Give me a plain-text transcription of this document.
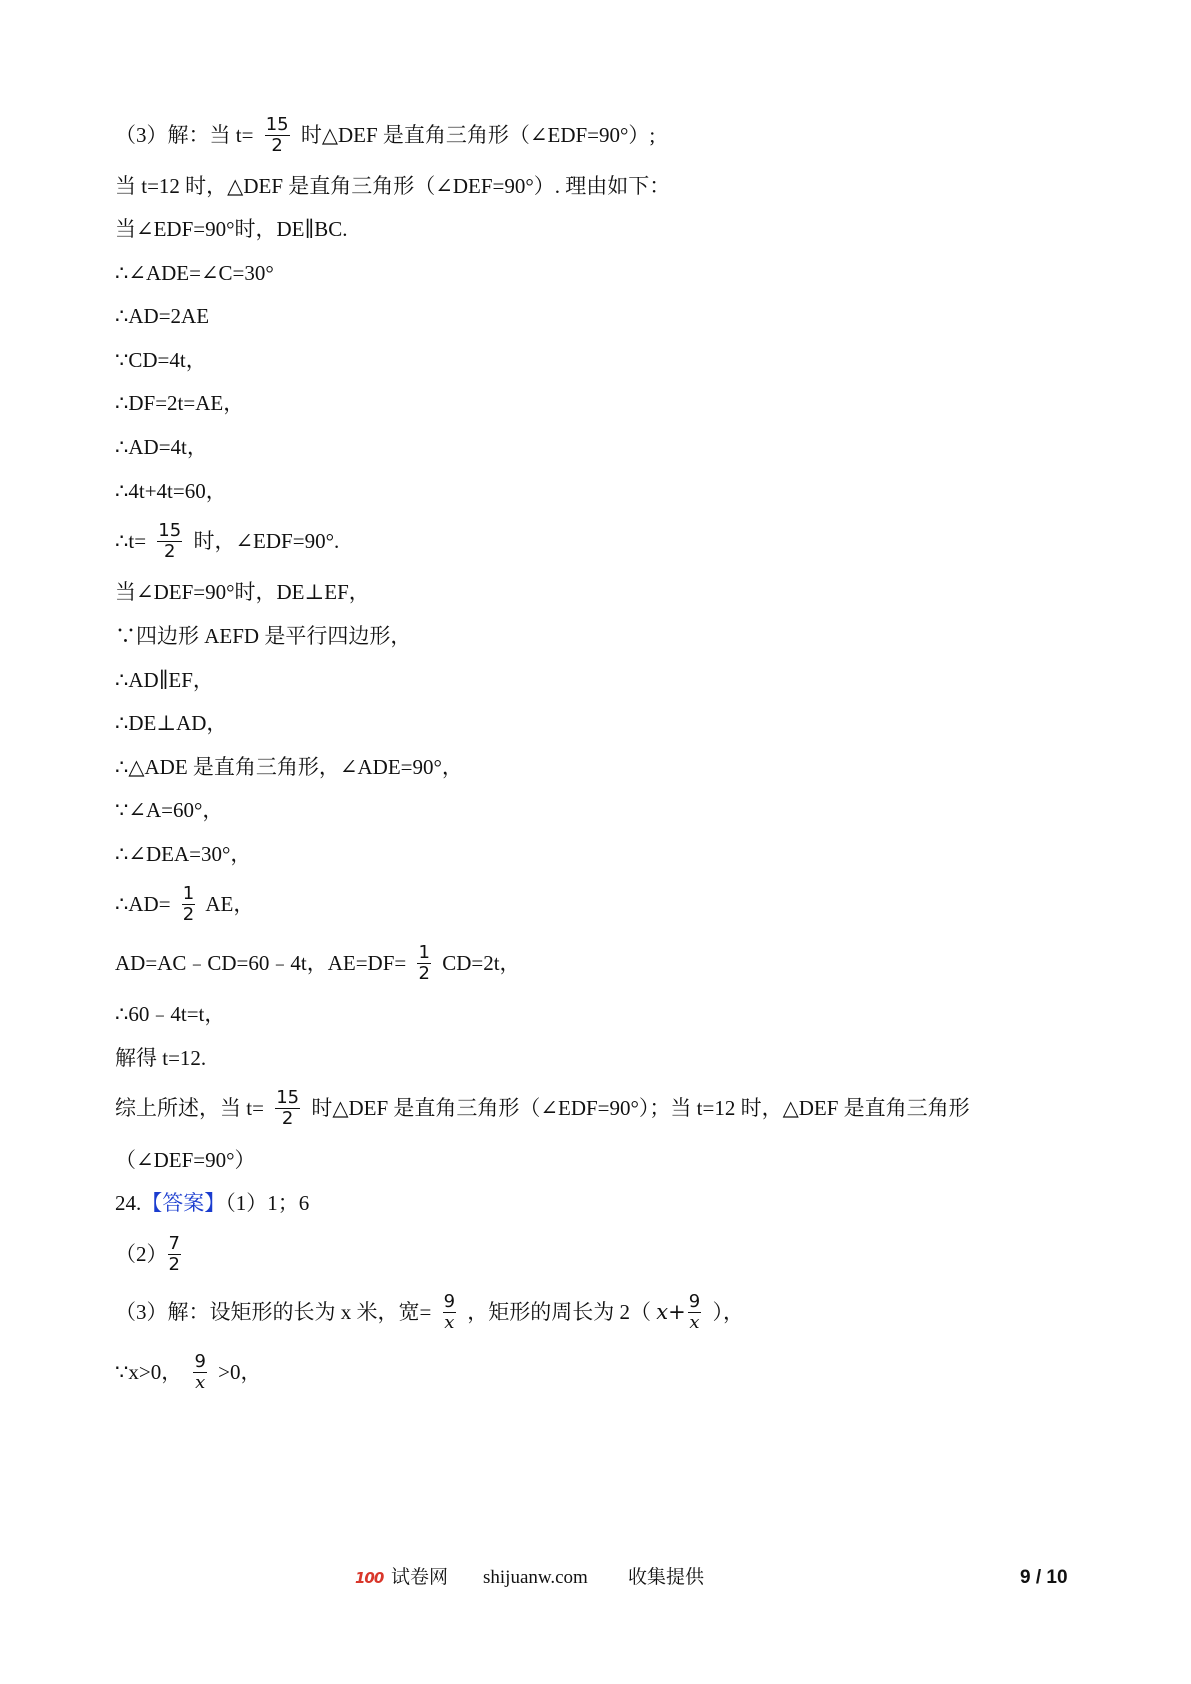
（3）解：当 $t= \frac{15}{2}$ 时△DEF 是直角三角形（∠EDF=90°）;
当 t=12 时，△DEF 是直角三角形（∠DEF=90°）. 理由如下：
当∠EDF=90°时，DE∥BC.
∴∠ADE=∠C=30°
∴AD=2AE
∵CD=4t，
∴DF=2t=AE，
∴AD=4t，
∴4t+4t=60，
∴t= $\frac{15}{2}$ 时，∠EDF=90°.
当∠DEF=90°时，DE⊥EF，
∵四边形 AEFD 是平行四边形，
∴AD∥EF，
∴DE⊥AD，
∴△ADE 是直角三角形，∠ADE=90°，
∵∠A=60°，
∴∠DEA=30°，
∴AD= $\frac{1}{2}$ AE，
AD=AC﹣CD=60﹣4t，$AE=DF= \frac{1}{2} CD=2t$，
∴60﹣4t=t，
解得 t=12.
综上所述，当 $t= \frac{15}{2}$ 时△DEF 是直角三角形（∠EDF=90°）；当 t=12 时，△DEF 是直角三角形
（∠DEF=90°）
24.【答案】（1）1；6
$(2) \frac{7}{2}$
（3）解：设矩形的长为 x 米，宽= $\frac{9}{x}$ ，矩形的周长为 2（ $x+ \frac{9}{x}$ ），
∵x>0， $\frac{9}{x} >0$，
100 试卷网 shijuanw.com 收集提供	9 / 10
